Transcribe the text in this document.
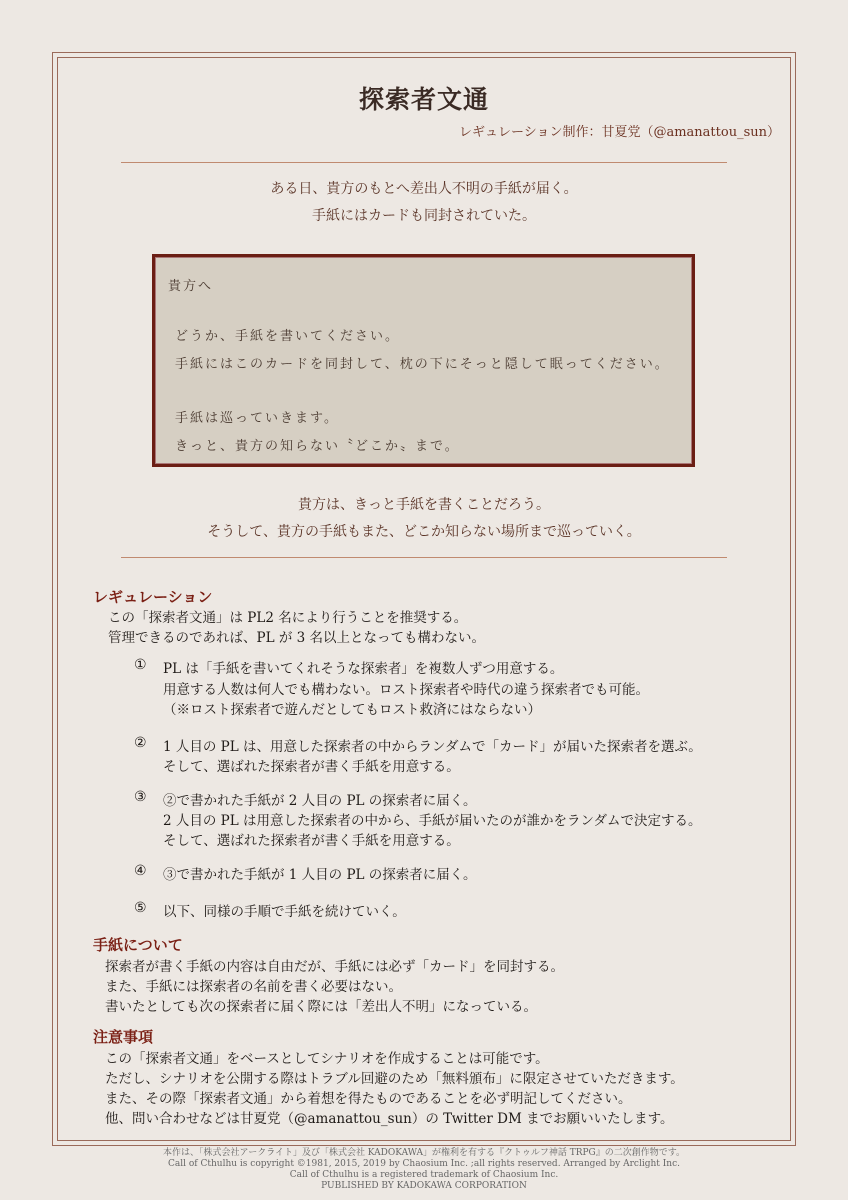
探索者文通
レギュレーション制作：甘夏党（@amanattou_sun）
ある日、貴方のもとへ差出人不明の手紙が届く。
手紙にはカードも同封されていた。

貴方へ

どうか、手紙を書いてください。

手紙にはこのカードを同封して、枕の下にそっと隠して眠ってください。

手紙は巡っていきます。

きっと、貴方の知らない〝どこか〟まで。

貴方は、きっと手紙を書くことだろう。
そうして、貴方の手紙もまた、どこか知らない場所まで巡っていく。
レギュレーション
この「探索者文通」は PL2 名により行うことを推奨する。
管理できるのであれば、PL が 3 名以上となっても構わない。
① PL は「手紙を書いてくれそうな探索者」を複数人ずつ用意する。
用意する人数は何人でも構わない。ロスト探索者や時代の違う探索者でも可能。
（※ロスト探索者で遊んだとしてもロスト救済にはならない）
② 1 人目の PL は、用意した探索者の中からランダムで「カード」が届いた探索者を選ぶ。
そして、選ばれた探索者が書く手紙を用意する。
③ ②で書かれた手紙が 2 人目の PL の探索者に届く。
2 人目の PL は用意した探索者の中から、手紙が届いたのが誰かをランダムで決定する。
そして、選ばれた探索者が書く手紙を用意する。
④ ③で書かれた手紙が 1 人目の PL の探索者に届く。
⑤ 以下、同様の手順で手紙を続けていく。
手紙について
探索者が書く手紙の内容は自由だが、手紙には必ず「カード」を同封する。
また、手紙には探索者の名前を書く必要はない。
書いたとしても次の探索者に届く際には「差出人不明」になっている。
注意事項
この「探索者文通」をベースとしてシナリオを作成することは可能です。
ただし、シナリオを公開する際はトラブル回避のため「無料頒布」に限定させていただきます。
また、その際「探索者文通」から着想を得たものであることを必ず明記してください。
他、問い合わせなどは甘夏党（@amanattou_sun）の Twitter DM までお願いいたします。
本作は、「株式会社アークライト」及び「株式会社 KADOKAWA」が権利を有する『クトゥルフ神話 TRPG』の二次創作物です。
Call of Cthulhu is copyright ©1981, 2015, 2019 by Chaosium Inc. ;all rights reserved. Arranged by Arclight Inc.
Call of Cthulhu is a registered trademark of Chaosium Inc.
PUBLISHED BY KADOKAWA CORPORATION
